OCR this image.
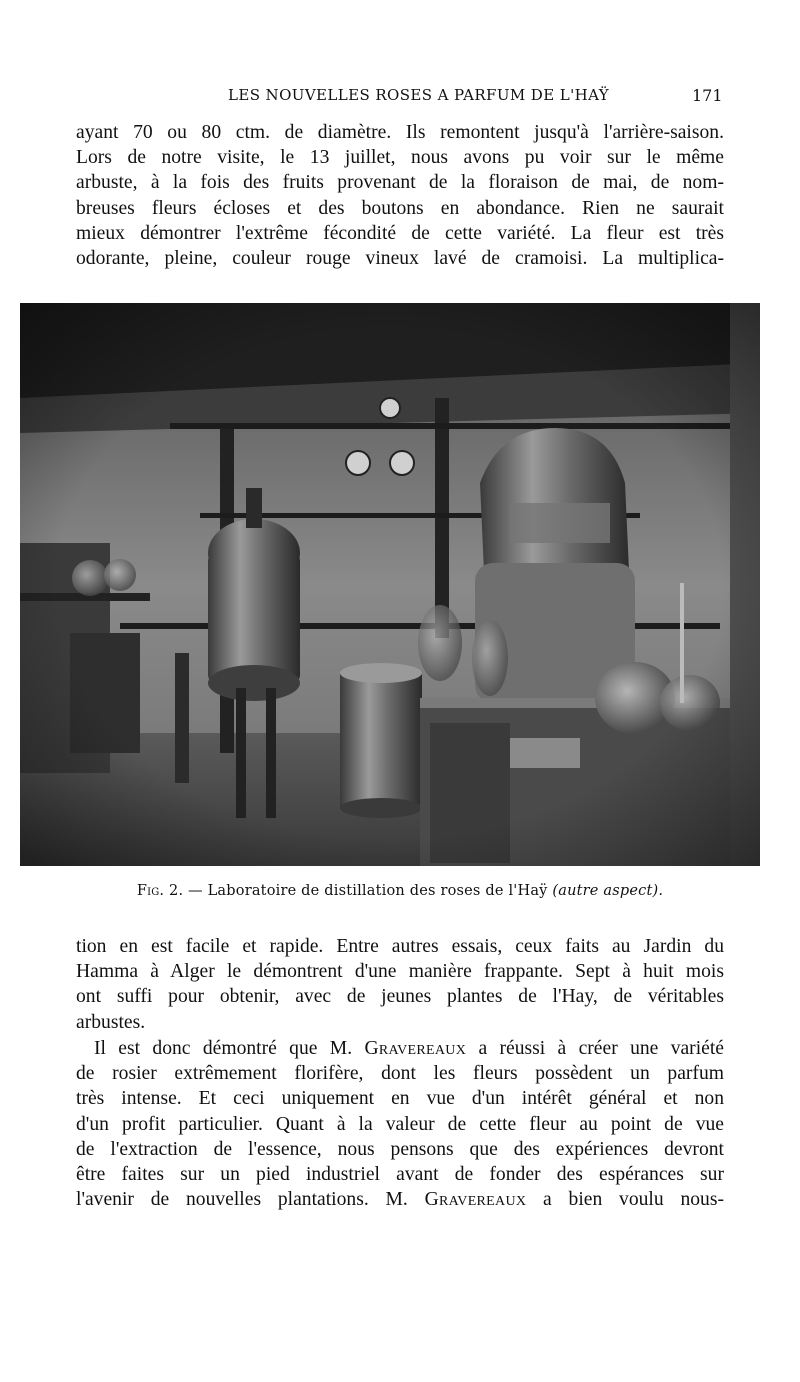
LES NOUVELLES ROSES A PARFUM DE L'HAŸ	171
ayant 70 ou 80 ctm. de diamètre. Ils remontent jusqu'à l'arrière-saison.
Lors de notre visite, le 13 juillet, nous avons pu voir sur le même
arbuste, à la fois des fruits provenant de la floraison de mai, de nom-
breuses fleurs écloses et des boutons en abondance. Rien ne saurait
mieux démontrer l'extrême fécondité de cette variété. La fleur est très
odorante, pleine, couleur rouge vineux lavé de cramoisi. La multiplica-
Fig. 2. — Laboratoire de distillation des roses de l'Haÿ (autre aspect).
tion en est facile et rapide. Entre autres essais, ceux faits au Jardin du
Hamma à Alger le démontrent d'une manière frappante. Sept à huit mois
ont suffi pour obtenir, avec de jeunes plantes de l'Hay, de véritables
arbustes.
Il est donc démontré que M. Gravereaux a réussi à créer une variété
de rosier extrêmement florifère, dont les fleurs possèdent un parfum
très intense. Et ceci uniquement en vue d'un intérêt général et non
d'un profit particulier. Quant à la valeur de cette fleur au point de vue
de l'extraction de l'essence, nous pensons que des expériences devront
être faites sur un pied industriel avant de fonder des espérances sur
l'avenir de nouvelles plantations. M. Gravereaux a bien voulu nous-
